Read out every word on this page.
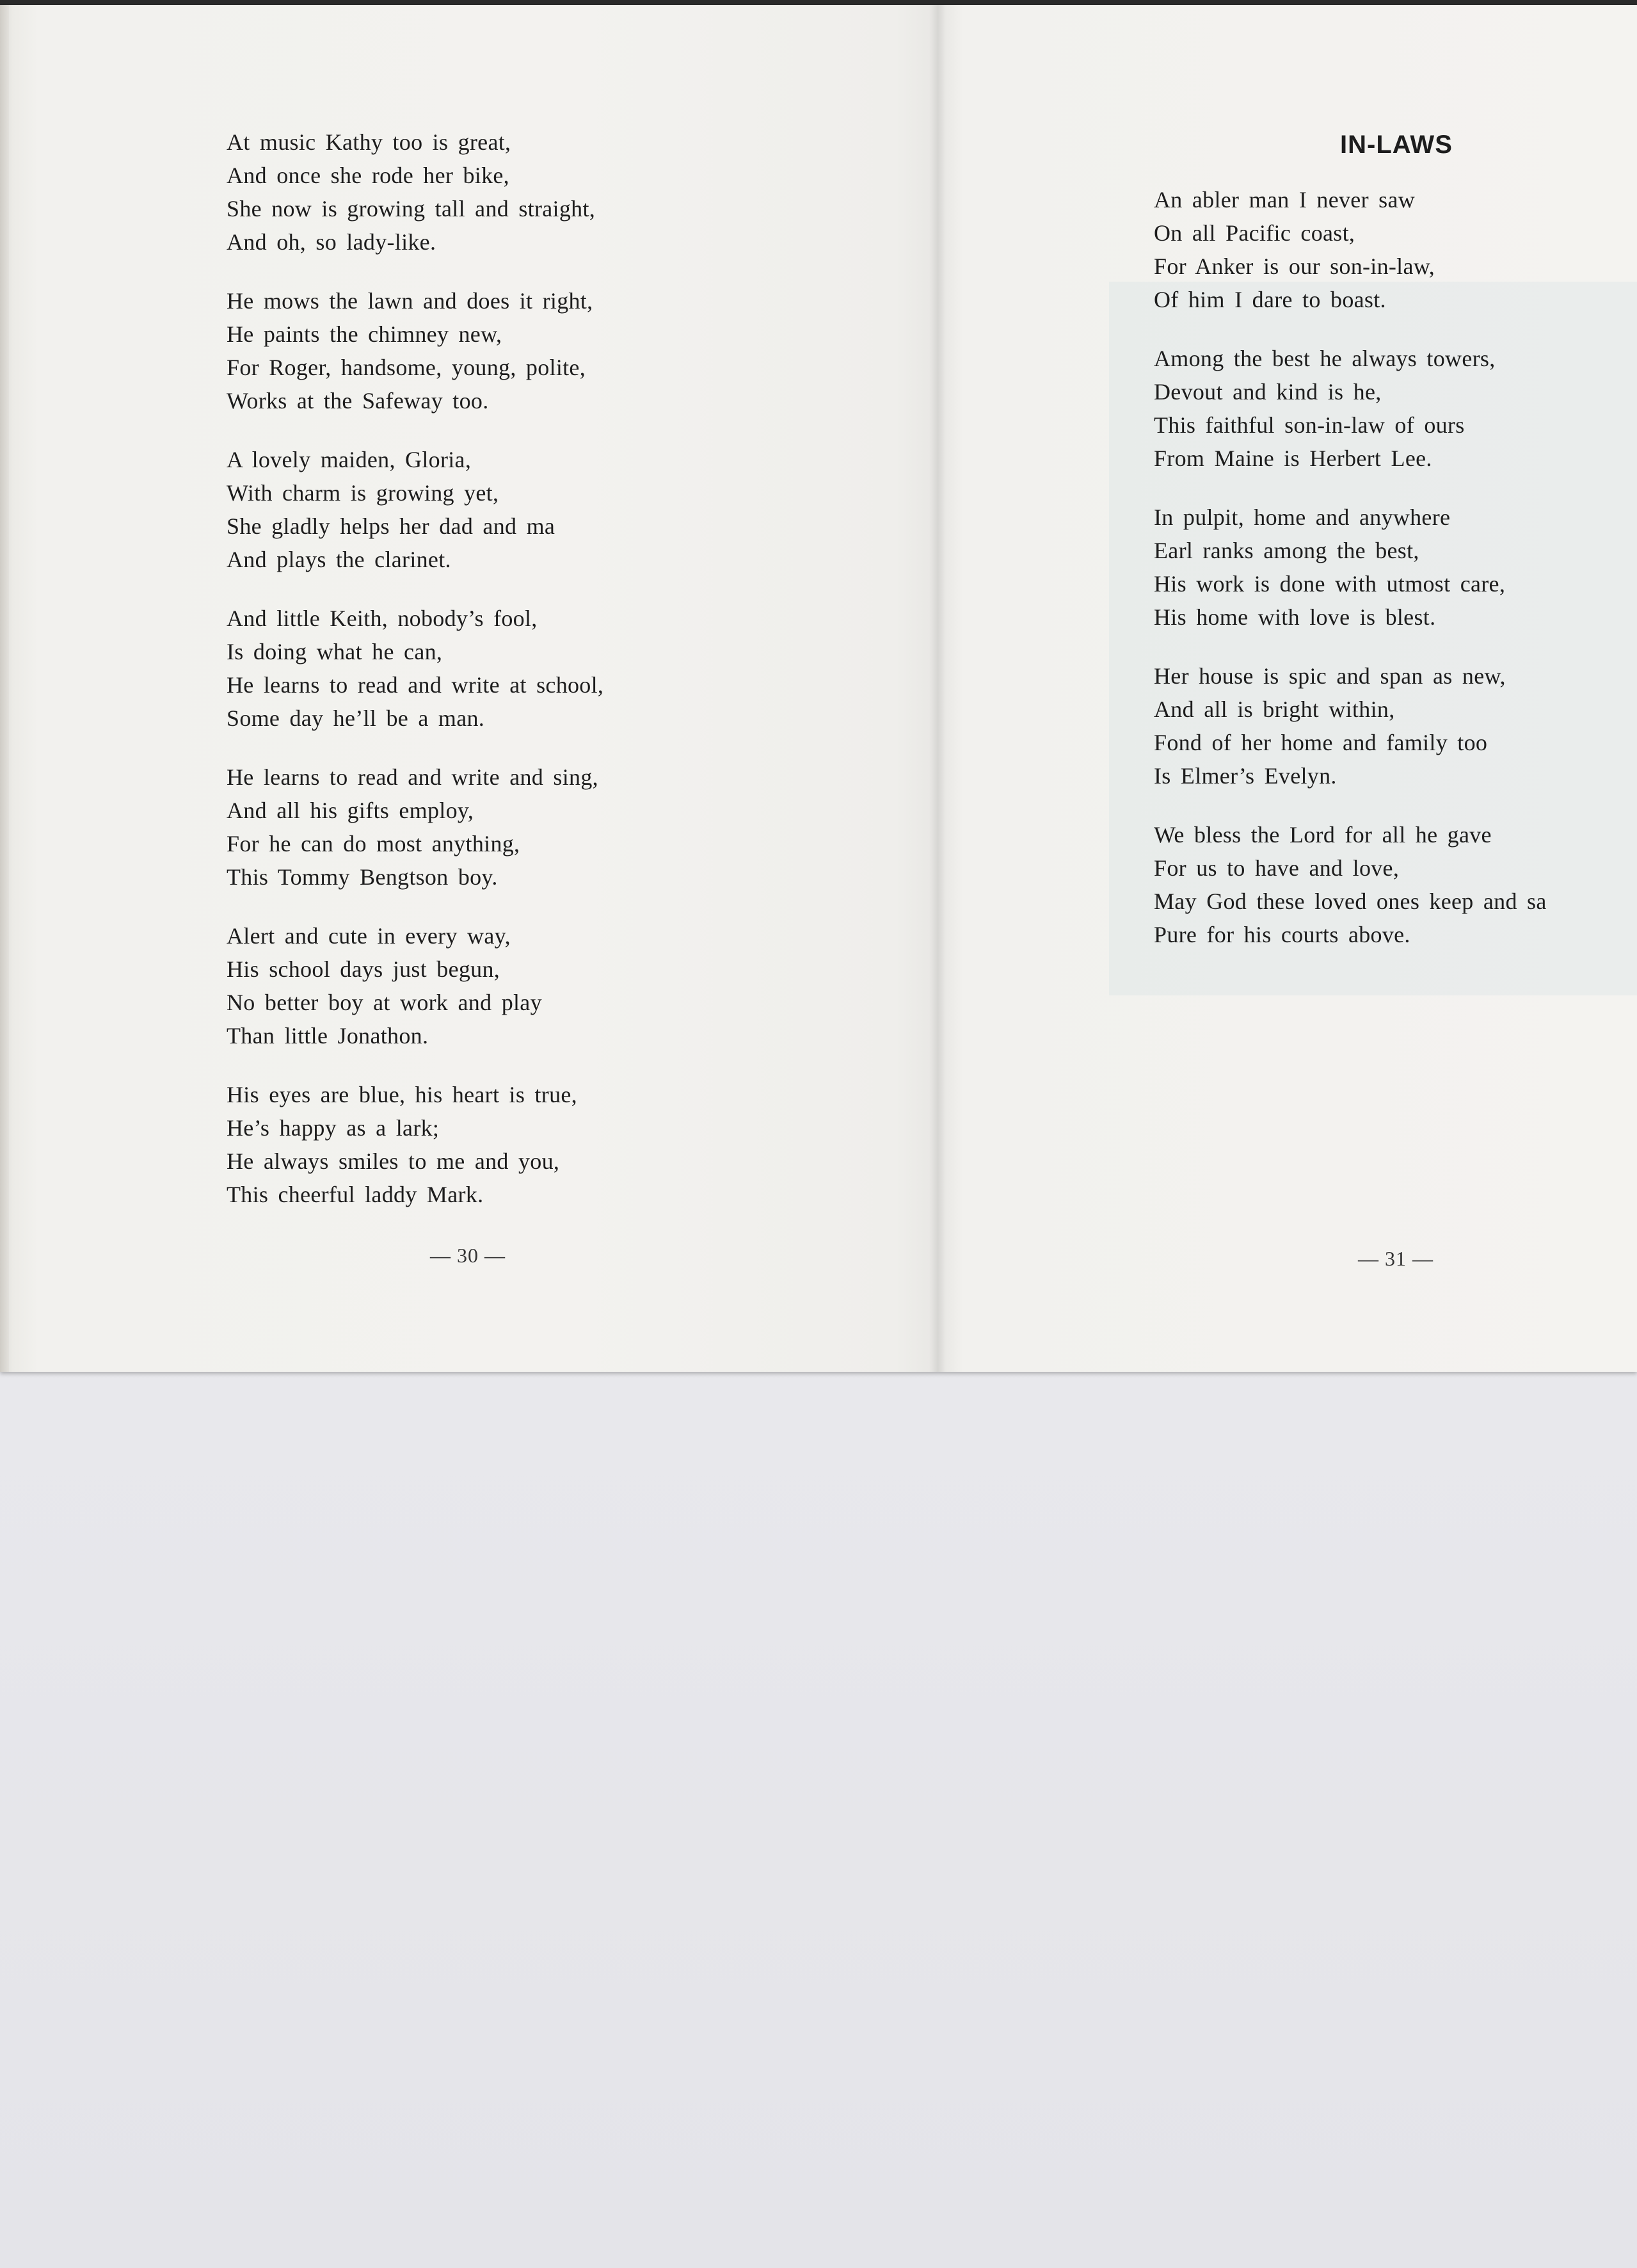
At music Kathy too is great,
And once she rode her bike,
She now is growing tall and straight,
And oh, so lady-like.
He mows the lawn and does it right,
He paints the chimney new,
For Roger, handsome, young, polite,
Works at the Safeway too.
A lovely maiden, Gloria,
With charm is growing yet,
She gladly helps her dad and ma
And plays the clarinet.
And little Keith, nobody’s fool,
Is doing what he can,
He learns to read and write at school,
Some day he’ll be a man.
He learns to read and write and sing,
And all his gifts employ,
For he can do most anything,
This Tommy Bengtson boy.
Alert and cute in every way,
His school days just begun,
No better boy at work and play
Than little Jonathon.
His eyes are blue, his heart is true,
He’s happy as a lark;
He always smiles to me and you,
This cheerful laddy Mark.
— 30 —
IN-LAWS
An abler man I never saw
On all Pacific coast,
For Anker is our son-in-law,
Of him I dare to boast.
Among the best he always towers,
Devout and kind is he,
This faithful son-in-law of ours
From Maine is Herbert Lee.
In pulpit, home and anywhere
Earl ranks among the best,
His work is done with utmost care,
His home with love is blest.
Her house is spic and span as new,
And all is bright within,
Fond of her home and family too
Is Elmer’s Evelyn.
We bless the Lord for all he gave
For us to have and love,
May God these loved ones keep and sa
Pure for his courts above.
— 31 —
